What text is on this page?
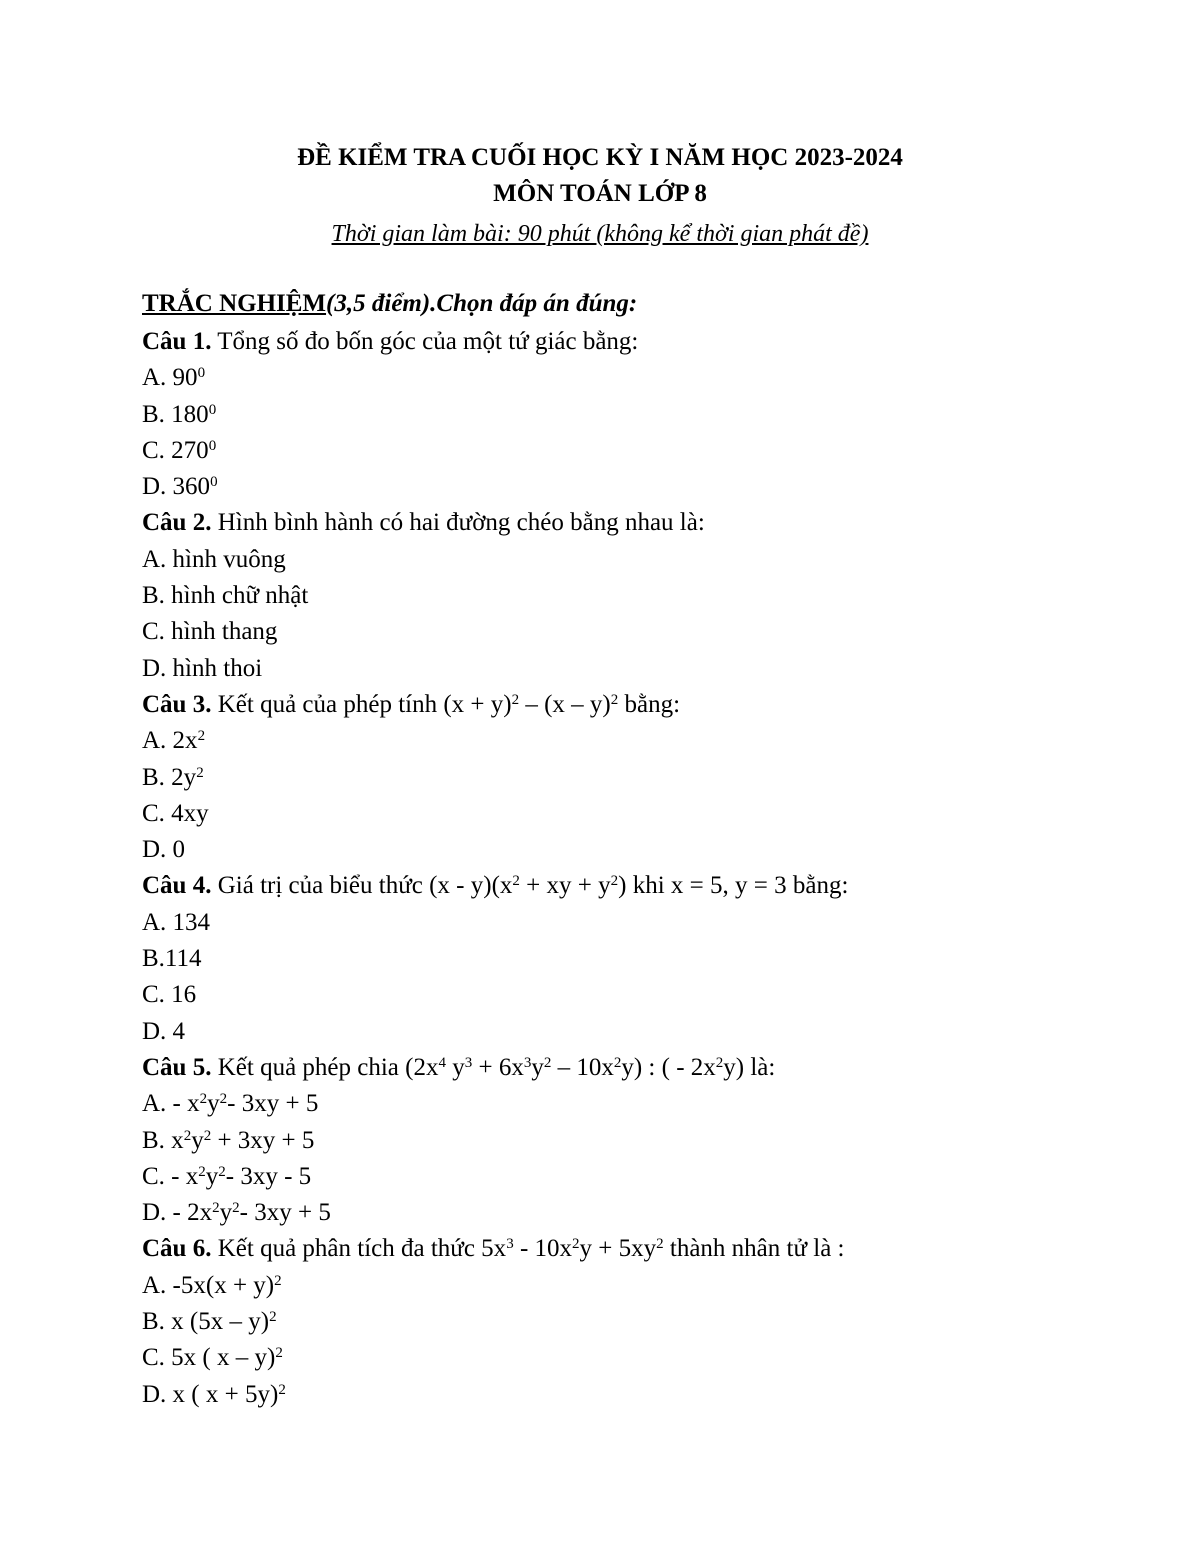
ĐỀ KIỂM TRA CUỐI HỌC KỲ I NĂM HỌC 2023-2024
MÔN TOÁN LỚP 8
Thời gian làm bài: 90 phút (không kể thời gian phát đề)
TRẮC NGHIỆM(3,5 điểm).Chọn đáp án đúng:
Câu 1. Tổng số đo bốn góc của một tứ giác bằng:
A. $90^0$
B. $180^0$
C. $270^0$
D. $360^0$
Câu 2. Hình bình hành có hai đường chéo bằng nhau là:
A. hình vuông
B. hình chữ nhật
C. hình thang
D. hình thoi
Câu 3. Kết quả của phép tính $(x + y)^2 - (x - y)^2$ bằng:
A. $2x^2$
B. $2y^2$
C. 4xy
D. 0
Câu 4. Giá trị của biểu thức $(x - y)(x^2$ + xy + $y^2$) khi x = 5, y = 3 bằng:
A. 134
B.114
C. 16
D. 4
Câu 5. Kết quả phép chia ($2x^4$ $y^3 + 6x^3y^2 - 10x^2y$) : ( - $2x^2y$) là:
A. - $x^2y^2-$ 3xy + 5
B. $x^2y^2 + 3xy + 5$
C. - $x^2y^2-$ 3xy - 5
D. - $2x^2y^2-$ 3xy + 5
Câu 6. Kết quả phân tích đa thức $5x^3 - 10x^2y + 5xy^2$ thành nhân tử là :
A. $-5x(x + y)^2$
B. x (5x – y)$^2$
C. 5x ( x – y)$^2$
D. x ( x + 5y)$^2$
